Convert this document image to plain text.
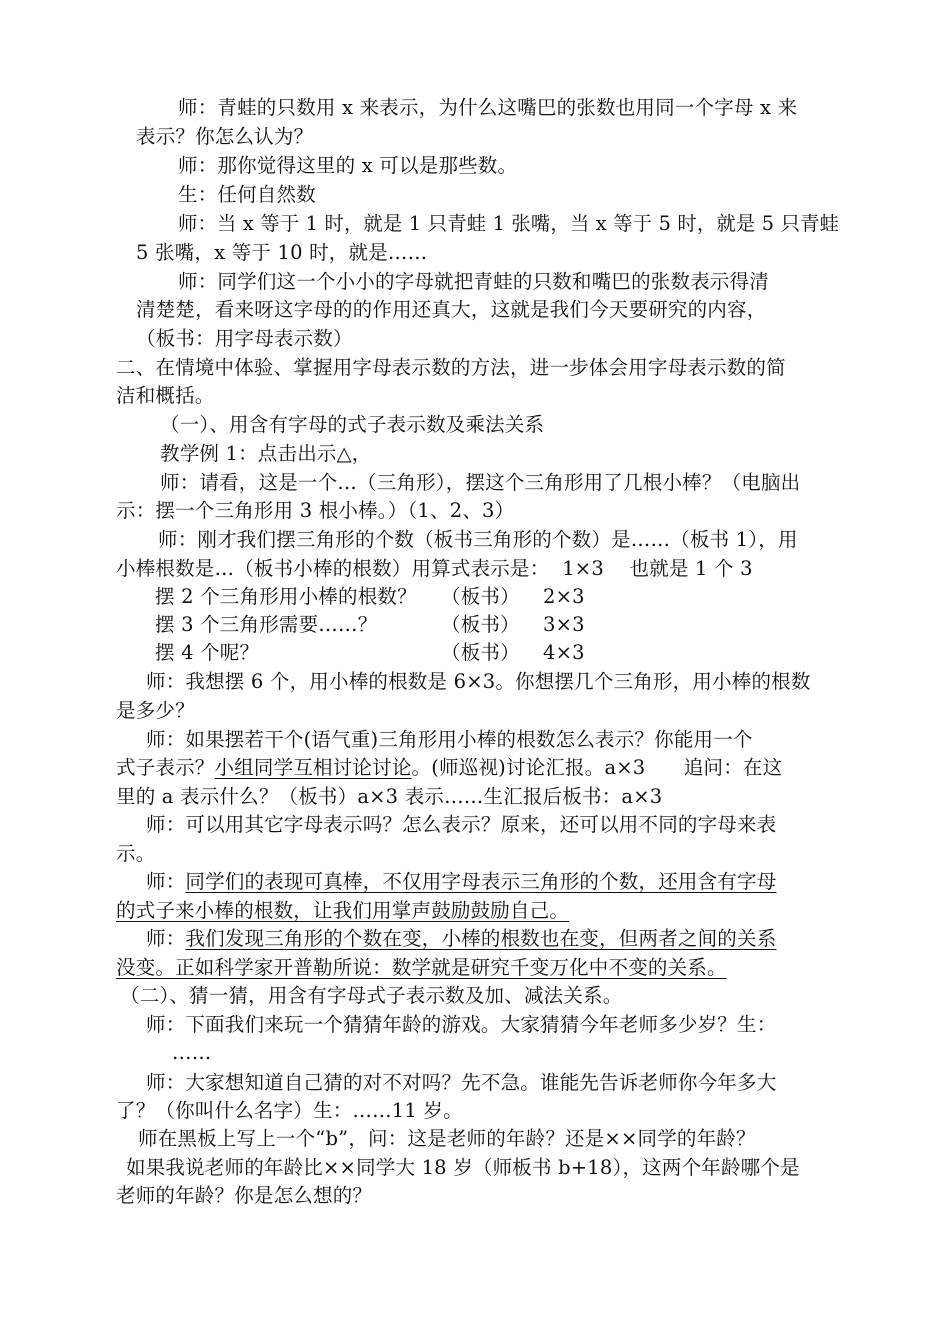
师：青蛙的只数用 x 来表示，为什么这嘴巴的张数也用同一个字母 x 来
表示？你怎么认为？
师：那你觉得这里的 x 可以是那些数。
生：任何自然数
师：当 x 等于 1 时，就是 1 只青蛙 1 张嘴，当 x 等于 5 时，就是 5 只青蛙
5 张嘴，x 等于 10 时，就是……
师：同学们这一个小小的字母就把青蛙的只数和嘴巴的张数表示得清
清楚楚，看来呀这字母的的作用还真大，这就是我们今天要研究的内容，
（板书：用字母表示数）
二、在情境中体验、掌握用字母表示数的方法，进一步体会用字母表示数的简
洁和概括。
（一）、用含有字母的式子表示数及乘法关系
教学例 1：点击出示△，
师：请看，这是一个…（三角形），摆这个三角形用了几根小棒？（电脑出
示：摆一个三角形用 3 根小棒。）（1、2、3）
师：刚才我们摆三角形的个数（板书三角形的个数）是……（板书 1），用
小棒根数是…（板书小棒的根数）用算式表示是：  1×3    也就是 1 个 3
摆 2 个三角形用小棒的根数？ （板书） 2×3
摆 3 个三角形需要……？	（板书） 3×3
摆 4 个呢？	（板书） 4×3
师：我想摆 6 个，用小棒的根数是 6×3。你想摆几个三角形，用小棒的根数
是多少？
师：如果摆若干个(语气重)三角形用小棒的根数怎么表示？你能用一个
式子表示？小组同学互相讨论讨论。(师巡视)讨论汇报。a×3      追问：在这
里的 a 表示什么？（板书）a×3 表示……生汇报后板书：a×3
师：可以用其它字母表示吗？怎么表示？原来，还可以用不同的字母来表
示。
师：同学们的表现可真棒，不仅用字母表示三角形的个数，还用含有字母
的式子来小棒的根数，让我们用掌声鼓励鼓励自己。
师：我们发现三角形的个数在变，小棒的根数也在变，但两者之间的关系
没变。正如科学家开普勒所说：数学就是研究千变万化中不变的关系。
（二）、猜一猜，用含有字母式子表示数及加、减法关系。
师：下面我们来玩一个猜猜年龄的游戏。大家猜猜今年老师多少岁？生：
……
师：大家想知道自己猜的对不对吗？先不急。谁能先告诉老师你今年多大
了？（你叫什么名字）生：……11 岁。
师在黑板上写上一个“b”，问：这是老师的年龄？还是××同学的年龄？
如果我说老师的年龄比××同学大 18 岁（师板书 b+18），这两个年龄哪个是
老师的年龄？你是怎么想的？
